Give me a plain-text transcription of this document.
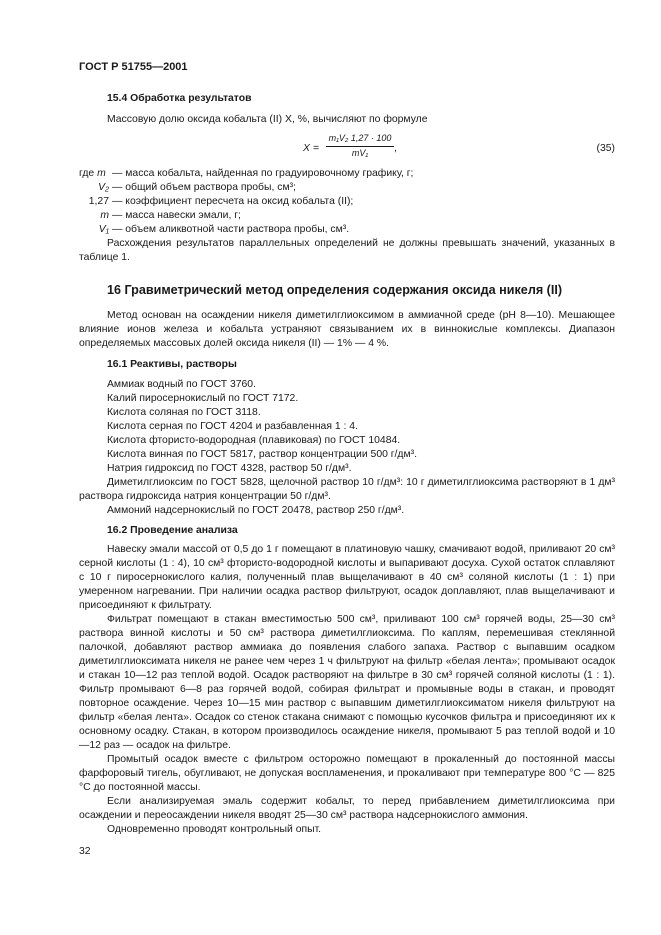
ГОСТ Р 51755—2001
15.4 Обработка результатов

Массовую долю оксида кобальта (II) X, %, вычисляют по формуле

$X = \frac{\text{m₁V₂ 1,27 · 100}}{\text{mV₁}}$ ,	(35)
где m — масса кобальта, найденная по градуировочному графику, г;
V₂ — общий объем раствора пробы, см³;
1,27 — коэффициент пересчета на оксид кобальта (II);
m — масса навески эмали, г;
V₁ — объем аликвотной части раствора пробы, см³.

Расхождения результатов параллельных определений не должны превышать значений, указанных в таблице 1.

16 Гравиметрический метод определения содержания оксида никеля (II)

Метод основан на осаждении никеля диметилглиоксимом в аммиачной среде (рН 8—10). Мешающее влияние ионов железа и кобальта устраняют связыванием их в виннокислые комплексы. Диапазон определяемых массовых долей оксида никеля (II) — 1% — 4 %.

16.1 Реактивы, растворы

Аммиак водный по ГОСТ 3760.

Калий пиросернокислый по ГОСТ 7172.

Кислота соляная по ГОСТ 3118.

Кислота серная по ГОСТ 4204 и разбавленная 1 : 4.

Кислота фтористо-водородная (плавиковая) по ГОСТ 10484.

Кислота винная по ГОСТ 5817, раствор концентрации 500 г/дм³.

Натрия гидроксид по ГОСТ 4328, раствор 50 г/дм³.

Диметилглиоксим по ГОСТ 5828, щелочной раствор 10 г/дм³: 10 г диметилглиоксима растворяют в 1 дм³ раствора гидроксида натрия концентрации 50 г/дм³.

Аммоний надсернокислый по ГОСТ 20478, раствор 250 г/дм³.

16.2 Проведение анализа

Навеску эмали массой от 0,5 до 1 г помещают в платиновую чашку, смачивают водой, приливают 20 см³ серной кислоты (1 : 4), 10 см³ фтористо-водородной кислоты и выпаривают досуха. Сухой остаток сплавляют с 10 г пиросернокислого калия, полученный плав выщелачивают в 40 см³ соляной кислоты (1 : 1) при умеренном нагревании. При наличии осадка раствор фильтруют, осадок доплавляют, плав выщелачивают и присоединяют к фильтрату.

Фильтрат помещают в стакан вместимостью 500 см³, приливают 100 см³ горячей воды, 25—30 см³ раствора винной кислоты и 50 см³ раствора диметилглиоксима. По каплям, перемешивая стеклянной палочкой, добавляют раствор аммиака до появления слабого запаха. Раствор с выпавшим осадком диметилглиоксимата никеля не ранее чем через 1 ч фильтруют на фильтр «белая лента»; промывают осадок и стакан 10—12 раз теплой водой. Осадок растворяют на фильтре в 30 см³ горячей соляной кислоты (1 : 1). Фильтр промывают 6—8 раз горячей водой, собирая фильтрат и промывные воды в стакан, и проводят повторное осаждение. Через 10—15 мин раствор с выпавшим диметилглиоксиматом никеля фильтруют на фильтр «белая лента». Осадок со стенок стакана снимают с помощью кусочков фильтра и присоединяют их к основному осадку. Стакан, в котором производилось осаждение никеля, промывают 5 раз теплой водой и 10—12 раз — осадок на фильтре.

Промытый осадок вместе с фильтром осторожно помещают в прокаленный до постоянной массы фарфоровый тигель, обугливают, не допуская воспламенения, и прокаливают при температуре 800 °С — 825 °С до постоянной массы.

Если анализируемая эмаль содержит кобальт, то перед прибавлением диметилглиоксима при осаждении и переосаждении никеля вводят 25—30 см³ раствора надсернокислого аммония.

Одновременно проводят контрольный опыт.

32
